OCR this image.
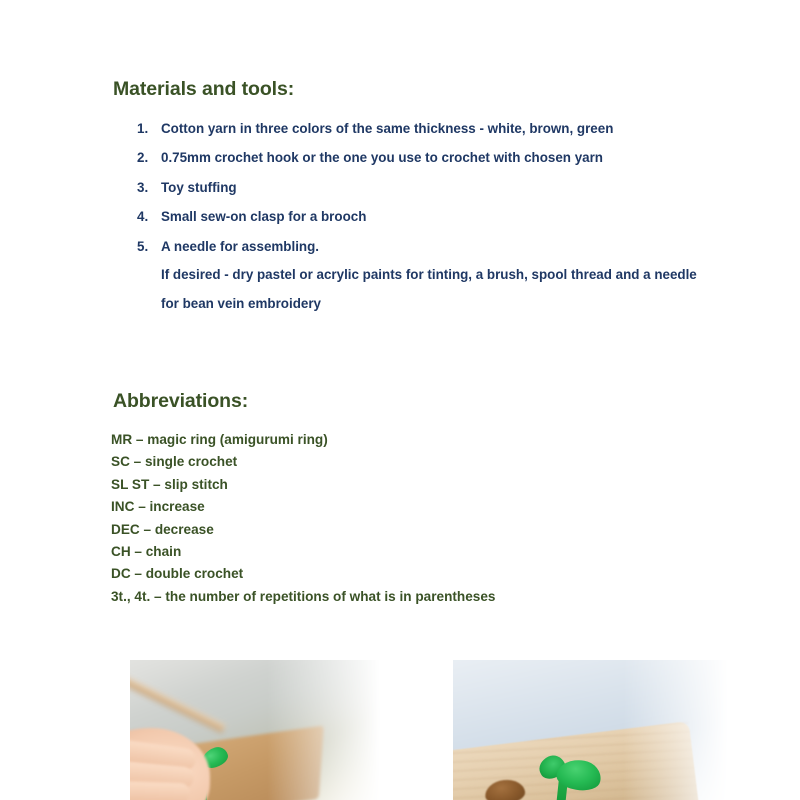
Materials and tools:
1. Cotton yarn in three colors of the same thickness - white, brown, green
2. 0.75mm crochet hook or the one you use to crochet with chosen yarn
3. Toy stuffing
4. Small sew-on clasp for a brooch
5. A needle for assembling.
If desired - dry pastel or acrylic paints for tinting, a brush, spool thread and a needle
for bean vein embroidery
Abbreviations:
MR – magic ring (amigurumi ring)
SC – single crochet
SL ST – slip stitch
INC – increase
DEC – decrease
CH – chain
DC – double crochet
3t., 4t. – the number of repetitions of what is in parentheses
